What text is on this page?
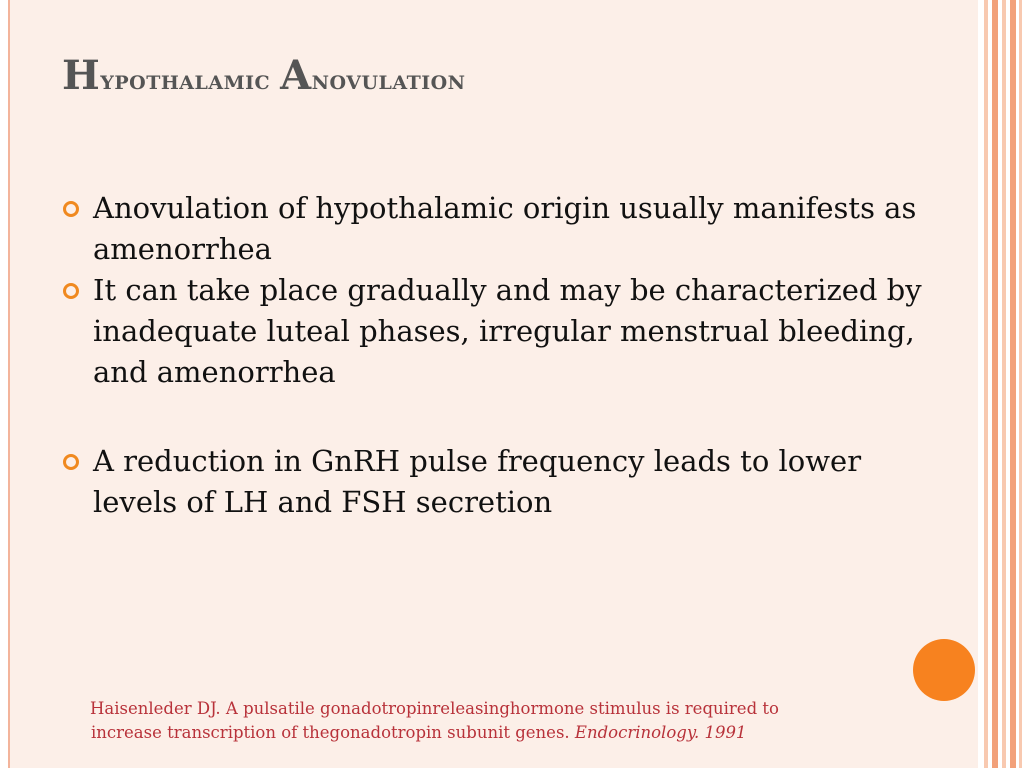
Hypothalamic Anovulation
Anovulation of hypothalamic origin usually manifests as amenorrhea
It can take place gradually and may be characterized by inadequate luteal phases, irregular menstrual bleeding, and amenorrhea
A reduction in GnRH pulse frequency leads to lower levels of LH and FSH secretion
Haisenleder DJ. A pulsatile gonadotropinreleasinghormone stimulus is required to
increase transcription of thegonadotropin subunit genes. Endocrinology. 1991
